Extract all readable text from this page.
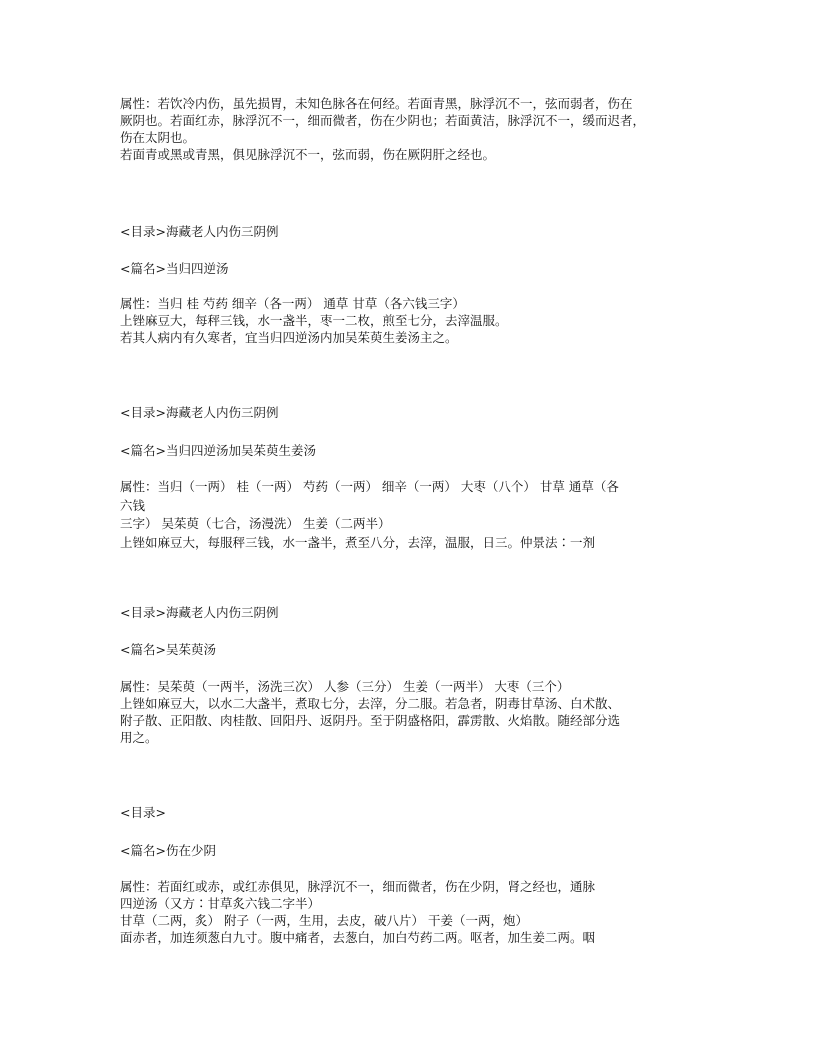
属性：若饮冷内伤，虽先损胃，未知色脉各在何经。若面青黑，脉浮沉不一，弦而弱者，伤在
厥阴也。若面红赤，脉浮沉不一，细而微者，伤在少阴也；若面黄洁，脉浮沉不一，缓而迟者，
伤在太阴也。
若面青或黑或青黑，俱见脉浮沉不一，弦而弱，伤在厥阴肝之经也。
<目录>海藏老人内伤三阴例
<篇名>当归四逆汤
属性：当归 桂 芍药 细辛（各一两） 通草 甘草（各六钱三字）
上锉麻豆大，每秤三钱，水一盏半，枣一二枚，煎至七分，去滓温服。
若其人病内有久寒者，宜当归四逆汤内加吴茱萸生姜汤主之。
<目录>海藏老人内伤三阴例
<篇名>当归四逆汤加吴茱萸生姜汤
属性：当归（一两） 桂（一两） 芍药（一两） 细辛（一两） 大枣（八个） 甘草 通草（各
六钱
三字） 吴茱萸（七合，汤漫洗） 生姜（二两半）
上锉如麻豆大，每服秤三钱，水一盏半，煮至八分，去滓，温服，日三。仲景法∶一剂
<目录>海藏老人内伤三阴例
<篇名>吴茱萸汤
属性：吴茱萸（一两半，汤洗三次） 人参（三分） 生姜（一两半） 大枣（三个）
上锉如麻豆大，以水二大盏半，煮取七分，去滓，分二服。若急者，阴毒甘草汤、白术散、
附子散、正阳散、肉桂散、回阳丹、返阴丹。至于阴盛格阳，霹雳散、火焰散。随经部分选
用之。
<目录>
<篇名>伤在少阴
属性：若面红或赤，或红赤俱见，脉浮沉不一，细而微者，伤在少阴，肾之经也，通脉
四逆汤（又方∶甘草炙六钱二字半）
甘草（二两，炙） 附子（一两，生用，去皮，破八片） 干姜（一两，炮）
面赤者，加连须葱白九寸。腹中痛者，去葱白，加白芍药二两。呕者，加生姜二两。咽
